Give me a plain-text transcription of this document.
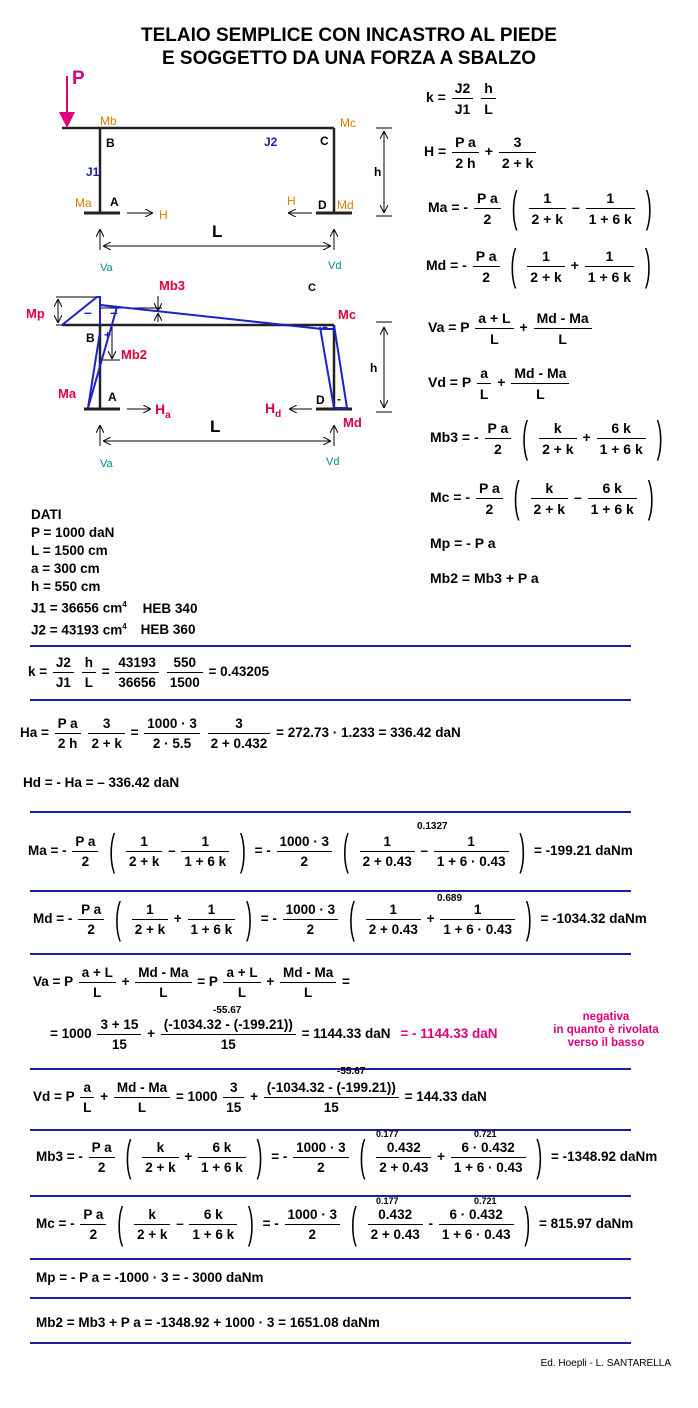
TELAIO SEMPLICE CON INCASTRO AL PIEDE
E SOGGETTO DA UNA FORZA A SBALZO
P
Mb
B	J2
Mc
C
J1	h
Ma A
H
H D Md
L
Va	Vd
Mb3	C
Mp	Mc
– –
+	+
-
B
Mb2
h
Ma	A
$H_a$	$H_d$
D
Md
L
Va	Vd
k =
J2
J1

h
L
H =
P a
2 h
+
3
2 + k
Ma = -
P a
2	(	1
2 + k
–
1
1 + 6 k )
Md = -
P a
2	(	1
2 + k
+
1
1 + 6 k )
Va = P
a + L
L
+
Md - Ma
L
Vd = P
a
L
+
Md - Ma
L
Mb3 = -
P a
2	(	k
2 + k
+
6 k
1 + 6 k )
Mc = -
P a
2	(	k
2 + k
–
6 k
1 + 6 k )
Mp = - P a
Mb2 = Mb3 + P a
DATI
P = 1000 daN
L = 1500 cm
a = 300 cm
h = 550 cm
J1 = 36656 $cm^4$ HEB 340
J2 = 43193 $cm^4$ HEB 360
k =
J2
J1

h
L
=
43193
36656

550
1500
= 0.43205
Ha =
P a
2 h

3
2 + k
=
1000 · 3
2 · 5.5

3
2 + 0.432
= 272.73 · 1.233 = 336.42 daN
Hd = - Ha = – 336.42 daN
0.1327
Ma = -
P a
2	(	1
2 + k
–
1
1 + 6 k ) = -
1000 · 3
2	(	1
2 + 0.43
–
1
1 + 6 · 0.43 ) = -199.21 daNm
0.689
Md = -
P a
2	(	1
2 + k
+
1
1 + 6 k ) = -
1000 · 3
2	(	1
2 + 0.43
+
1
1 + 6 · 0.43 ) = -1034.32 daNm
Va = P
a + L
L
+
Md - Ma
L
= P
a + L
L
+
Md - Ma
L
=
-55.67
= 1000
3 + 15
15
+
(-1034.32 - (-199.21))
15
= 1144.33 daN = - 1144.33 daN
negativa
in quanto è rivolata
verso il basso
-55.67
Vd = P
a
L
+
Md - Ma
L
= 1000
3
15
+
(-1034.32 - (-199.21))
15
= 144.33 daN
0.177	0.721
Mb3 = -
P a
2	(	k
2 + k
+
6 k
1 + 6 k ) = -
1000 · 3
2	(	0.432
2 + 0.43
+
6 · 0.432
1 + 6 · 0.43 ) = -1348.92 daNm
0.177	0.721
Mc = -
P a
2	(	k
2 + k
–
6 k
1 + 6 k ) = -
1000 · 3
2	(	0.432
2 + 0.43
-
6 · 0.432
1 + 6 · 0.43 ) = 815.97 daNm
Mp = - P a = -1000 · 3 = - 3000 daNm
Mb2 = Mb3 + P a = -1348.92 + 1000 · 3 = 1651.08 daNm
Ed. Hoepli - L. SANTARELLA
